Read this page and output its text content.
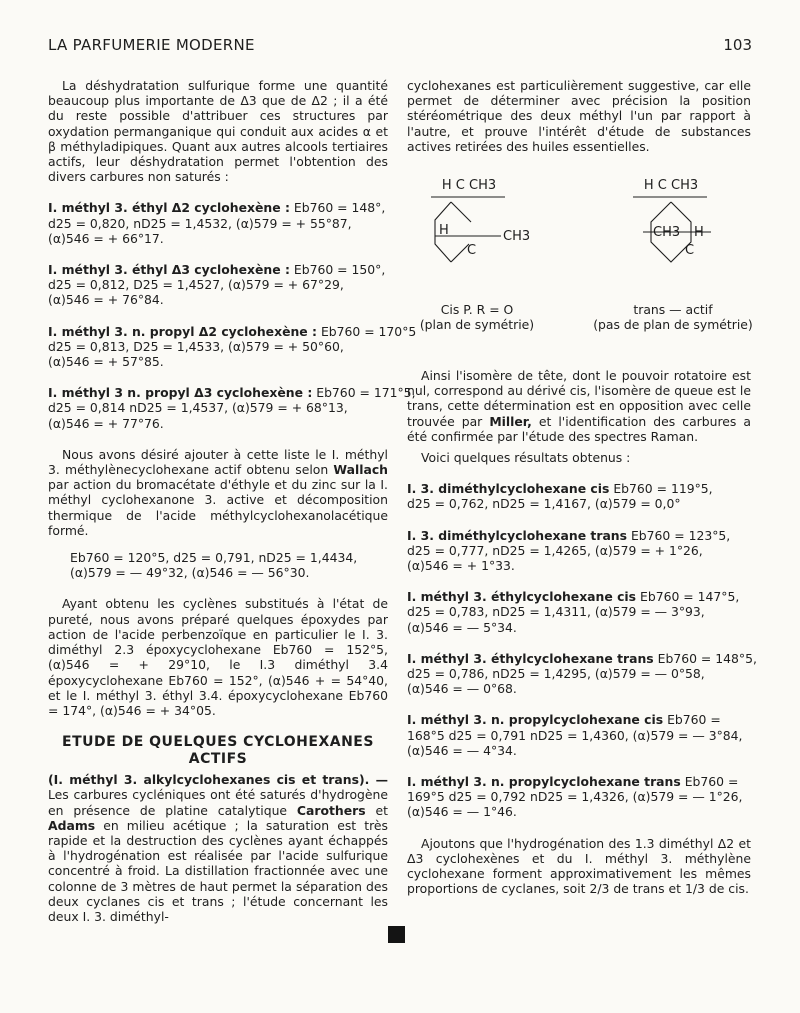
LA PARFUMERIE MODERNE	103

La déshydratation sulfurique forme une quantité beaucoup plus importante de Δ3 que de Δ2 ; il a été du reste possible d'attribuer ces structures par oxydation permanganique qui conduit aux acides α et β méthyladipiques. Quant aux autres alcools tertiaires actifs, leur déshydratation permet l'obtention des divers carbures non saturés :

I. méthyl 3. éthyl Δ2 cyclohexène : Eb760 = 148°,
d25 = 0,820, nD25 = 1,4532, (α)579 = + 55°87,
(α)546 = + 66°17.
I. méthyl 3. éthyl Δ3 cyclohexène : Eb760 = 150°,
d25 = 0,812, D25 = 1,4527, (α)579 = + 67°29,
(α)546 = + 76°84.
I. méthyl 3. n. propyl Δ2 cyclohexène : Eb760 = 170°5
d25 = 0,813, D25 = 1,4533, (α)579 = + 50°60,
(α)546 = + 57°85.
I. méthyl 3 n. propyl Δ3 cyclohexène : Eb760 = 171°5,
d25 = 0,814 nD25 = 1,4537, (α)579 = + 68°13,
(α)546 = + 77°76.

Nous avons désiré ajouter à cette liste le I. méthyl 3. méthylènecyclohexane actif obtenu selon Wallach par action du bromacétate d'éthyle et du zinc sur la I. méthyl cyclohexanone 3. active et décomposition thermique de l'acide méthylcyclohexanolacétique formé.

Eb760 = 120°5, d25 = 0,791, nD25 = 1,4434,
(α)579 = — 49°32, (α)546 = — 56°30.

Ayant obtenu les cyclènes substitués à l'état de pureté, nous avons préparé quelques époxydes par action de l'acide perbenzoïque en particulier le I. 3. diméthyl 2.3 époxycyclohexane Eb760 = 152°5, (α)546 = + 29°10, le I.3 diméthyl 3.4 époxycyclohexane Eb760 = 152°, (α)546 + = 54°40, et le I. méthyl 3. éthyl 3.4. époxycyclohexane Eb760 = 174°, (α)546 = + 34°05.

ETUDE DE QUELQUES CYCLOHEXANES
ACTIFS

(I. méthyl 3. alkylcyclohexanes cis et trans). — Les carbures cycléniques ont été saturés d'hydrogène en présence de platine catalytique Carothers et Adams en milieu acétique ; la saturation est très rapide et la destruction des cyclènes ayant échappés à l'hydrogénation est réalisée par l'acide sulfurique concentré à froid. La distillation fractionnée avec une colonne de 3 mètres de haut permet la séparation des deux cyclanes cis et trans ; l'étude concernant les deux I. 3. diméthyl-

cyclohexanes est particulièrement suggestive, car elle permet de déterminer avec précision la position stéréométrique des deux méthyl l'un par rapport à l'autre, et prouve l'intérêt d'étude de substances actives retirées des huiles essentielles.

H C CH3
H
C
CH3
H C CH3
CH3 H
C
Cis P. R = O
(plan de symétrie)
trans — actif
(pas de plan de symétrie)

Ainsi l'isomère de tête, dont le pouvoir rotatoire est nul, correspond au dérivé cis, l'isomère de queue est le trans, cette détermination est en opposition avec celle trouvée par Miller, et l'identification des carbures a été confirmée par l'étude des spectres Raman.

Voici quelques résultats obtenus :

I. 3. diméthylcyclohexane cis Eb760 = 119°5,
d25 = 0,762, nD25 = 1,4167, (α)579 = 0,0°
I. 3. diméthylcyclohexane trans Eb760 = 123°5,
d25 = 0,777, nD25 = 1,4265, (α)579 = + 1°26,
(α)546 = + 1°33.
I. méthyl 3. éthylcyclohexane cis Eb760 = 147°5,
d25 = 0,783, nD25 = 1,4311, (α)579 = — 3°93,
(α)546 = — 5°34.
I. méthyl 3. éthylcyclohexane trans Eb760 = 148°5,
d25 = 0,786, nD25 = 1,4295, (α)579 = — 0°58,
(α)546 = — 0°68.
I. méthyl 3. n. propylcyclohexane cis Eb760 =
168°5 d25 = 0,791 nD25 = 1,4360, (α)579 = — 3°84,
(α)546 = — 4°34.
I. méthyl 3. n. propylcyclohexane trans Eb760 =
169°5 d25 = 0,792 nD25 = 1,4326, (α)579 = — 1°26,
(α)546 = — 1°46.

Ajoutons que l'hydrogénation des 1.3 diméthyl Δ2 et Δ3 cyclohexènes et du I. méthyl 3. méthylène cyclohexane forment approximativement les mêmes proportions de cyclanes, soit 2/3 de trans et 1/3 de cis.
